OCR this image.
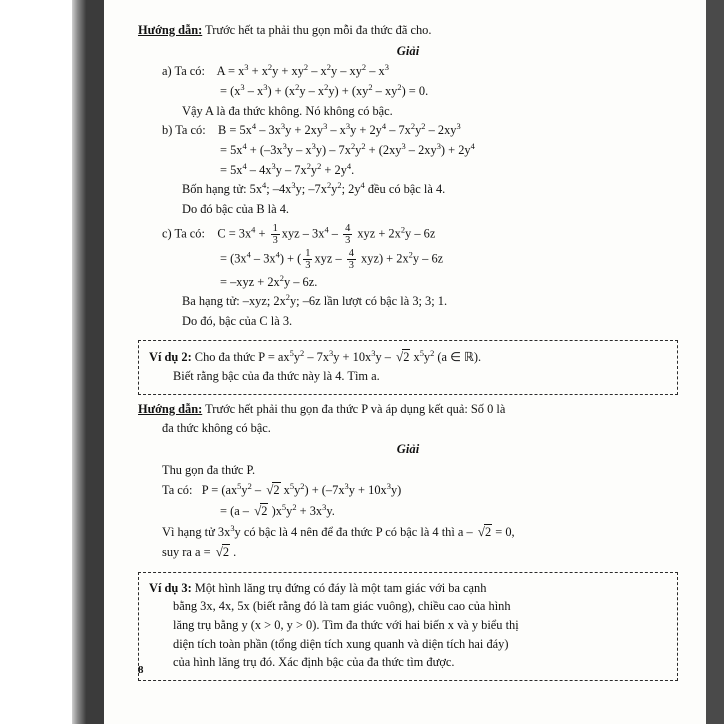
Hướng dẫn: Trước hết ta phải thu gọn mỗi đa thức đã cho.

Giải

a) Ta có:    $A = x^3 + x^2y + xy^2 - x^2y - xy^2 - x^3$

= $(x^3 - x^3) + (x^2y - x^2y) + (xy^2 - xy^2) = 0$.

Vậy A là đa thức không. Nó không có bậc.

b) Ta có:    $B = 5x^4 - 3x^3y + 2xy^3 - x^3y + 2y^4 - 7x^2y^2 - 2xy^3$

= $5x^4 + (-3x^3y - x^3y) - 7x^2y^2 + (2xy^3 - 2xy^3) + 2y^4$

= $5x^4 - 4x^3y - 7x^2y^2 + 2y^4$.

Bốn hạng tử: $5x^4$; $-4x^3y$; $-7x^2y^2$; $2y^4$ đều có bậc là 4.

Do đó bậc của B là 4.

c) Ta có:    $C = 3x^4 + \frac{1}{3}$ xyz – $3x^4 - \frac{4}{3}$ xyz + $2x^2y - 6z$

= $(3x^4 - 3x^4)$ + ( $\frac{1}{3}$ xyz – $\frac{4}{3} xyz) + 2x^2y - 6z$

= $-xyz + 2x^2y - 6z$.

Ba hạng tử: –xyz; $2x^2y$; –6z lần lượt có bậc là 3; 3; 1.

Do đó, bậc của C là 3.

Ví dụ 2: Cho đa thức $P = ax^5y^2 - 7x^3y + 10x^3y - √2$ $x^5y^2$ (a ∈ ℝ).

Biết rằng bậc của đa thức này là 4. Tìm a.

Hướng dẫn: Trước hết phải thu gọn đa thức P và áp dụng kết quả: Số 0 là

đa thức không có bậc.

Giải

Thu gọn đa thức P.

Ta có:   $P = (ax^5y^2 - √2$ $x^5y^2) + (-7x^3y + 10x^3y)$

= (a – √2 )$x^5y^2 + 3x^3y$.

Vì hạng tử $3x^3y$ có bậc là 4 nên để đa thức P có bậc là 4 thì a – √2 = 0,

suy ra a = √2 .

Ví dụ 3: Một hình lăng trụ đứng có đáy là một tam giác với ba cạnh

bằng 3x, 4x, 5x (biết rằng đó là tam giác vuông), chiều cao của hình

lăng trụ bằng y (x > 0, y > 0). Tìm đa thức với hai biến x và y biểu thị

diện tích toàn phần (tổng diện tích xung quanh và diện tích hai đáy)

của hình lăng trụ đó. Xác định bậc của đa thức tìm được.

8
